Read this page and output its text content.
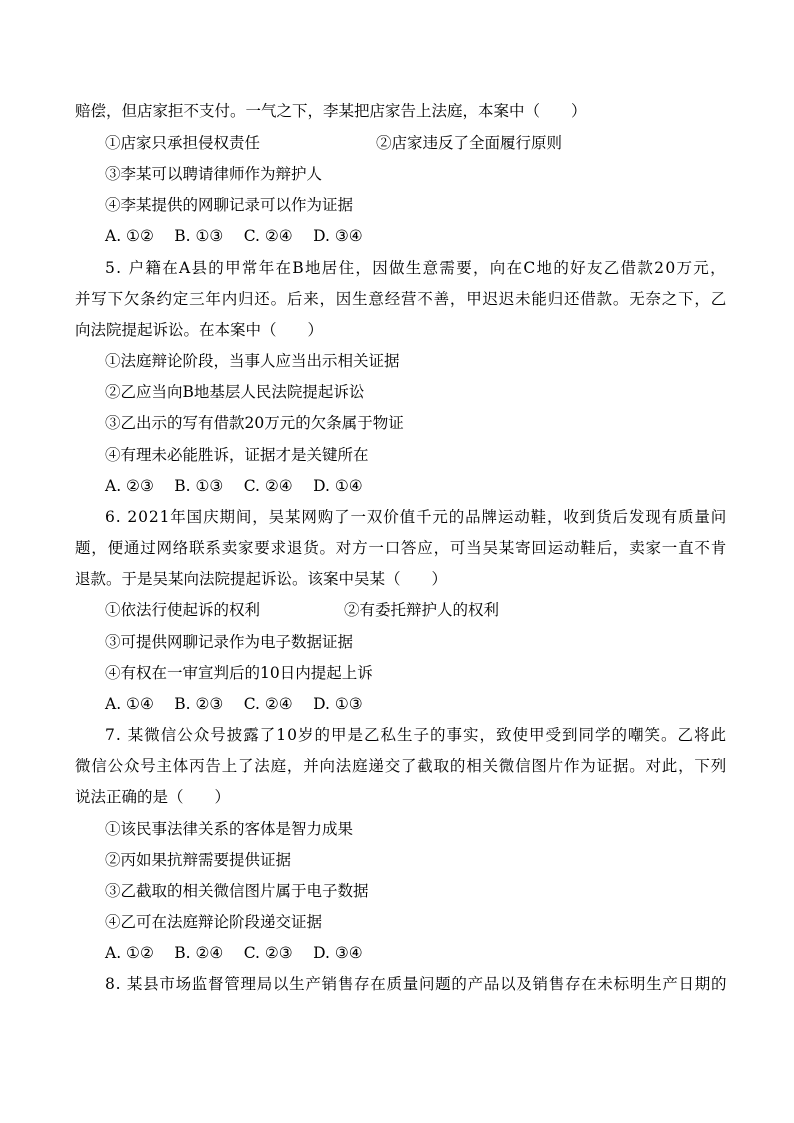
赔偿，但店家拒不支付。一气之下，李某把店家告上法庭，本案中（　　）
①店家只承担侵权责任	②店家违反了全面履行原则
③李某可以聘请律师作为辩护人
④李某提供的网聊记录可以作为证据
A. ①②　 B. ①③　 C. ②④　 D. ③④
5. 户籍在A县的甲常年在B地居住，因做生意需要，向在C地的好友乙借款20万元，
并写下欠条约定三年内归还。后来，因生意经营不善，甲迟迟未能归还借款。无奈之下，乙
向法院提起诉讼。在本案中（　　）
①法庭辩论阶段，当事人应当出示相关证据
②乙应当向B地基层人民法院提起诉讼
③乙出示的写有借款20万元的欠条属于物证
④有理未必能胜诉，证据才是关键所在
A. ②③　 B. ①③　 C. ②④　 D. ①④
6. 2021年国庆期间，吴某网购了一双价值千元的品牌运动鞋，收到货后发现有质量问
题，便通过网络联系卖家要求退货。对方一口答应，可当吴某寄回运动鞋后，卖家一直不肯
退款。于是吴某向法院提起诉讼。该案中吴某（　　）
①依法行使起诉的权利	②有委托辩护人的权利
③可提供网聊记录作为电子数据证据
④有权在一审宣判后的10日内提起上诉
A. ①④　 B. ②③　 C. ②④　 D. ①③
7. 某微信公众号披露了10岁的甲是乙私生子的事实，致使甲受到同学的嘲笑。乙将此
微信公众号主体丙告上了法庭，并向法庭递交了截取的相关微信图片作为证据。对此，下列
说法正确的是（　　）
①该民事法律关系的客体是智力成果
②丙如果抗辩需要提供证据
③乙截取的相关微信图片属于电子数据
④乙可在法庭辩论阶段递交证据
A. ①②　 B. ②④　 C. ②③　 D. ③④
8. 某县市场监督管理局以生产销售存在质量问题的产品以及销售存在未标明生产日期的
